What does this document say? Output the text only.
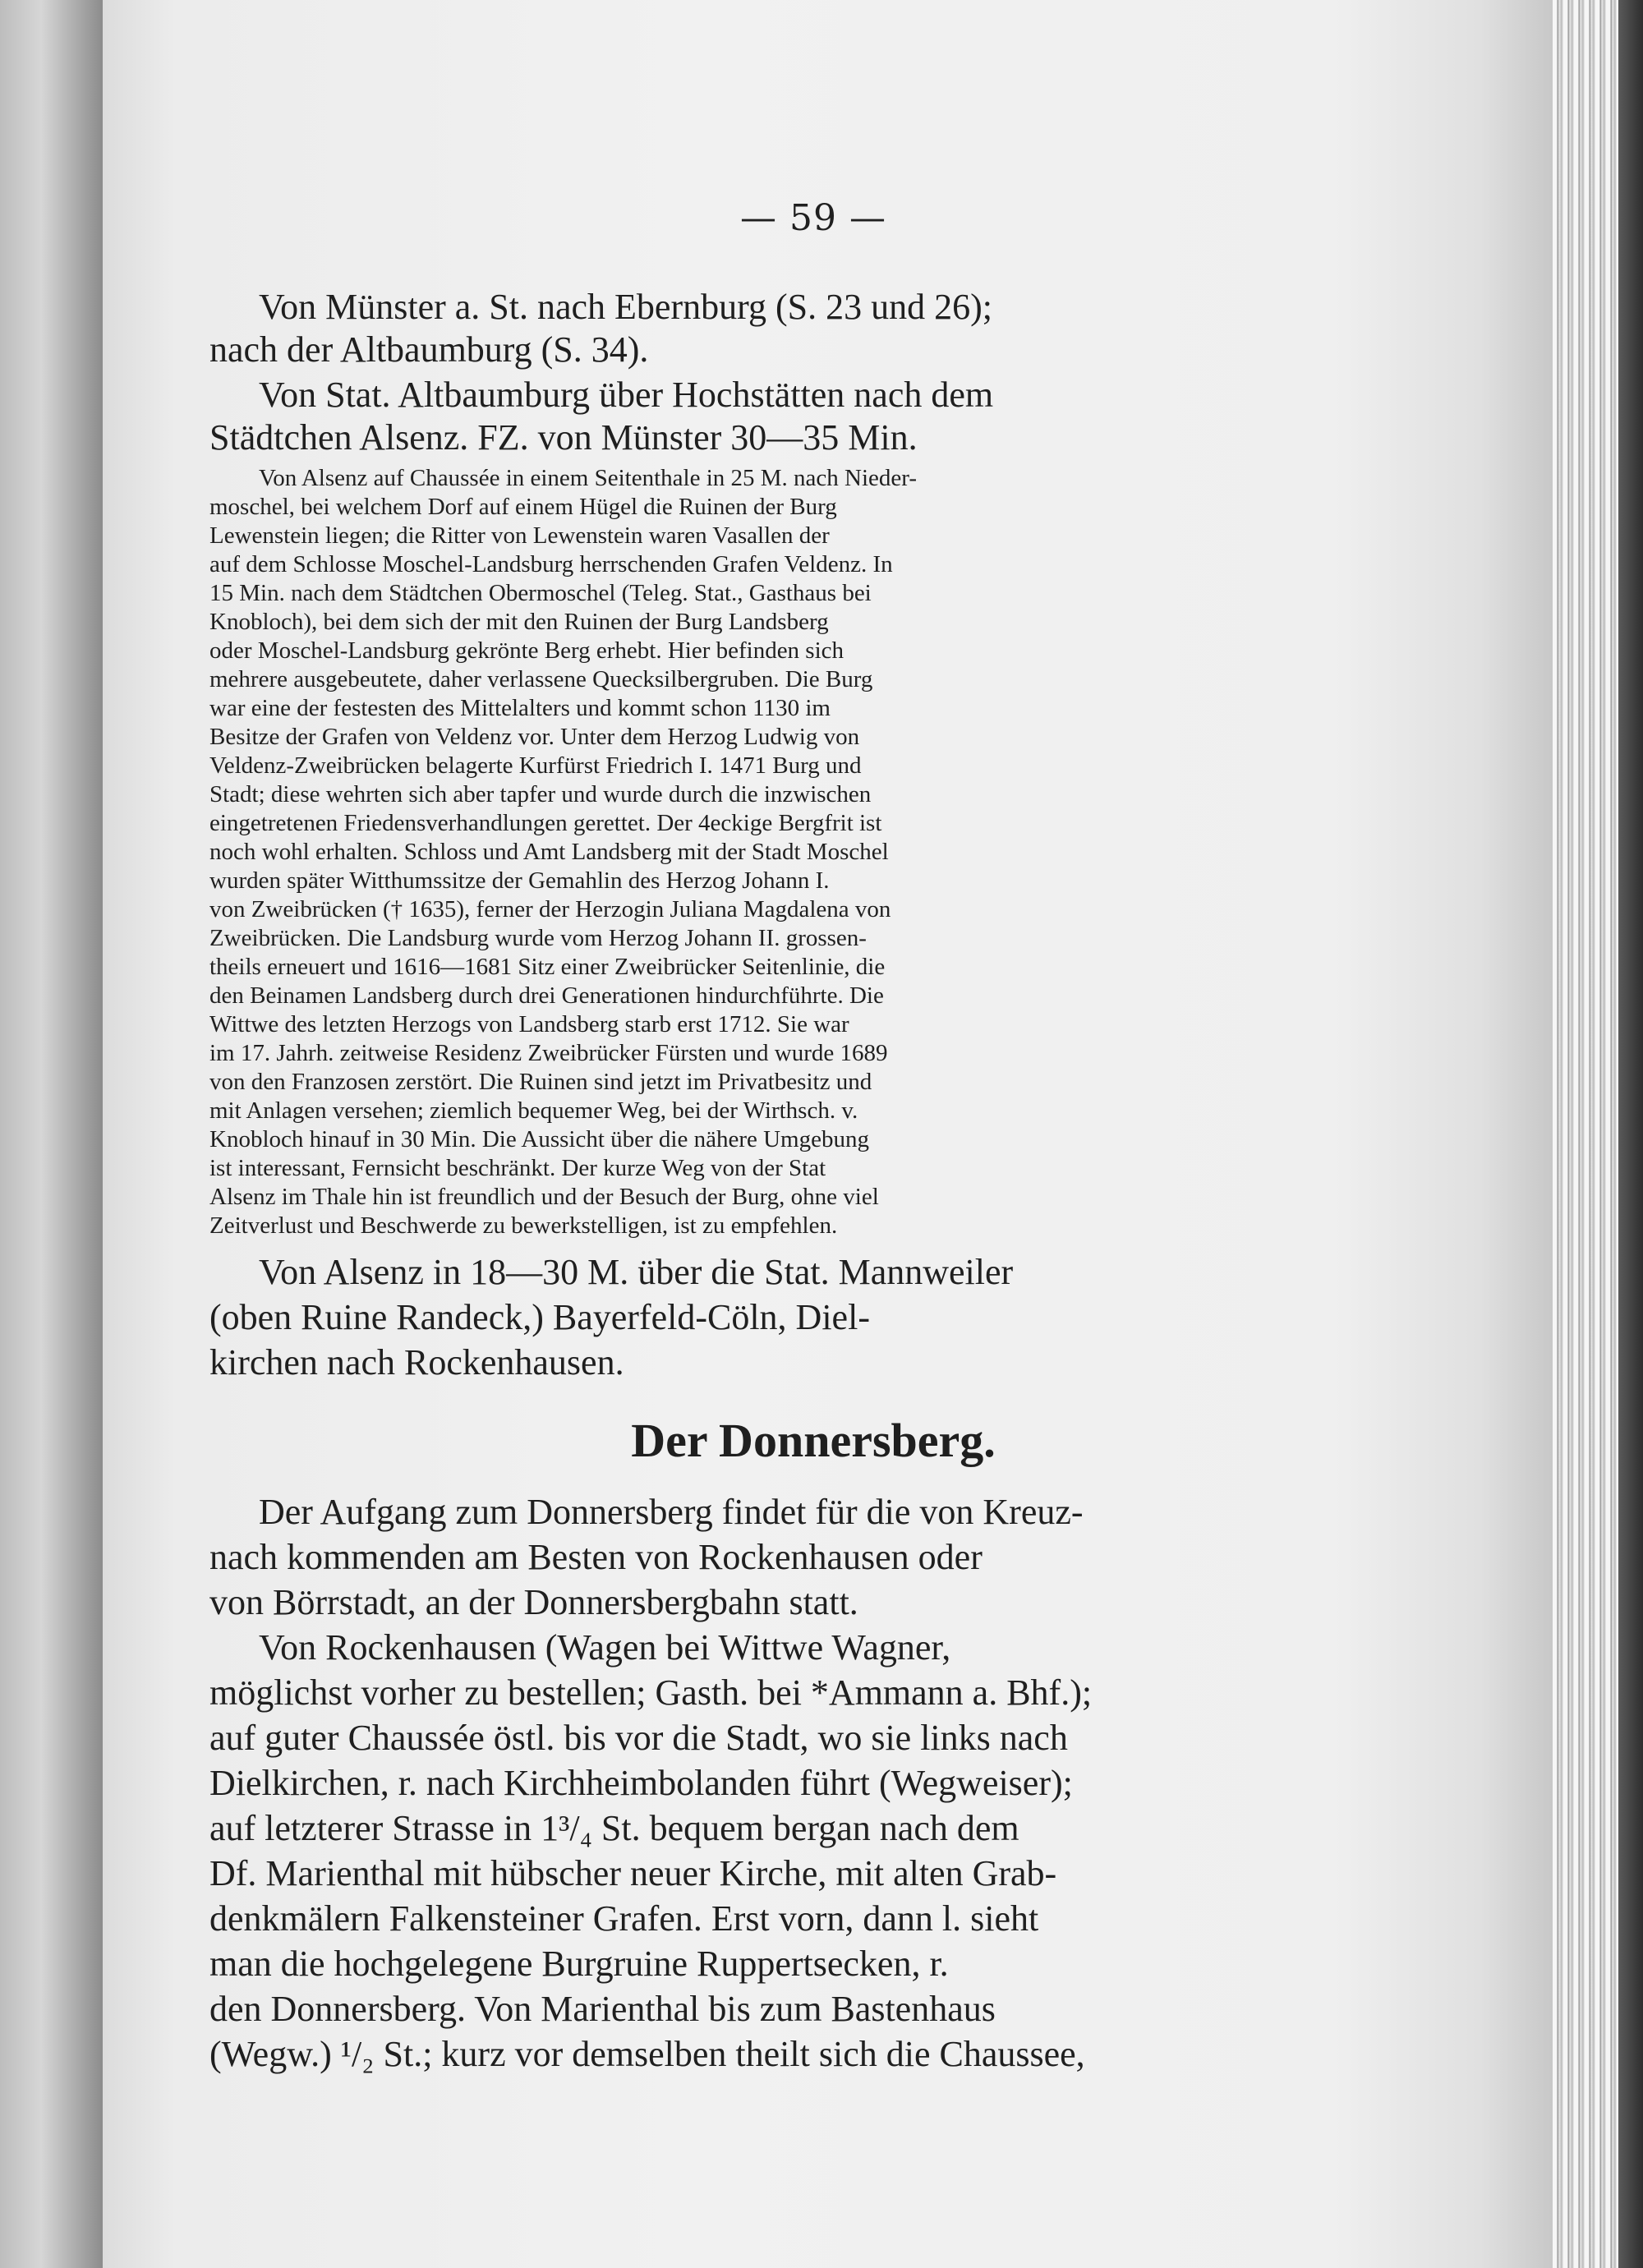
— 59 —
Von Münster a. St. nach Ebernburg (S. 23 und 26);
nach der Altbaumburg (S. 34).
Von Stat. Altbaumburg über Hochstätten nach dem
Städtchen Alsenz. FZ. von Münster 30—35 Min.
Von Alsenz auf Chaussée in einem Seitenthale in 25 M. nach Nieder-
moschel, bei welchem Dorf auf einem Hügel die Ruinen der Burg
Lewenstein liegen; die Ritter von Lewenstein waren Vasallen der
auf dem Schlosse Moschel-Landsburg herrschenden Grafen Veldenz. In
15 Min. nach dem Städtchen Obermoschel (Teleg. Stat., Gasthaus bei
Knobloch), bei dem sich der mit den Ruinen der Burg Landsberg
oder Moschel-Landsburg gekrönte Berg erhebt. Hier befinden sich
mehrere ausgebeutete, daher verlassene Quecksilbergruben. Die Burg
war eine der festesten des Mittelalters und kommt schon 1130 im
Besitze der Grafen von Veldenz vor. Unter dem Herzog Ludwig von
Veldenz-Zweibrücken belagerte Kurfürst Friedrich I. 1471 Burg und
Stadt; diese wehrten sich aber tapfer und wurde durch die inzwischen
eingetretenen Friedensverhandlungen gerettet. Der 4eckige Bergfrit ist
noch wohl erhalten. Schloss und Amt Landsberg mit der Stadt Moschel
wurden später Witthumssitze der Gemahlin des Herzog Johann I.
von Zweibrücken († 1635), ferner der Herzogin Juliana Magdalena von
Zweibrücken. Die Landsburg wurde vom Herzog Johann II. grossen-
theils erneuert und 1616—1681 Sitz einer Zweibrücker Seitenlinie, die
den Beinamen Landsberg durch drei Generationen hindurchführte. Die
Wittwe des letzten Herzogs von Landsberg starb erst 1712. Sie war
im 17. Jahrh. zeitweise Residenz Zweibrücker Fürsten und wurde 1689
von den Franzosen zerstört. Die Ruinen sind jetzt im Privatbesitz und
mit Anlagen versehen; ziemlich bequemer Weg, bei der Wirthsch. v.
Knobloch hinauf in 30 Min. Die Aussicht über die nähere Umgebung
ist interessant, Fernsicht beschränkt. Der kurze Weg von der Stat
Alsenz im Thale hin ist freundlich und der Besuch der Burg, ohne viel
Zeitverlust und Beschwerde zu bewerkstelligen, ist zu empfehlen.
Von Alsenz in 18—30 M. über die Stat. Mannweiler
(oben Ruine Randeck,) Bayerfeld-Cöln, Diel-
kirchen nach Rockenhausen.
Der Donnersberg.
Der Aufgang zum Donnersberg findet für die von Kreuz-
nach kommenden am Besten von Rockenhausen oder
von Börrstadt, an der Donnersbergbahn statt.
Von Rockenhausen (Wagen bei Wittwe Wagner,
möglichst vorher zu bestellen; Gasth. bei *Ammann a. Bhf.);
auf guter Chaussée östl. bis vor die Stadt, wo sie links nach
Dielkirchen, r. nach Kirchheimbolanden führt (Wegweiser);
auf letzterer Strasse in 1³/₄ St. bequem bergan nach dem
Df. Marienthal mit hübscher neuer Kirche, mit alten Grab-
denkmälern Falkensteiner Grafen. Erst vorn, dann l. sieht
man die hochgelegene Burgruine Ruppertsecken, r.
den Donnersberg. Von Marienthal bis zum Bastenhaus
(Wegw.) ¹/₂ St.; kurz vor demselben theilt sich die Chaussee,
